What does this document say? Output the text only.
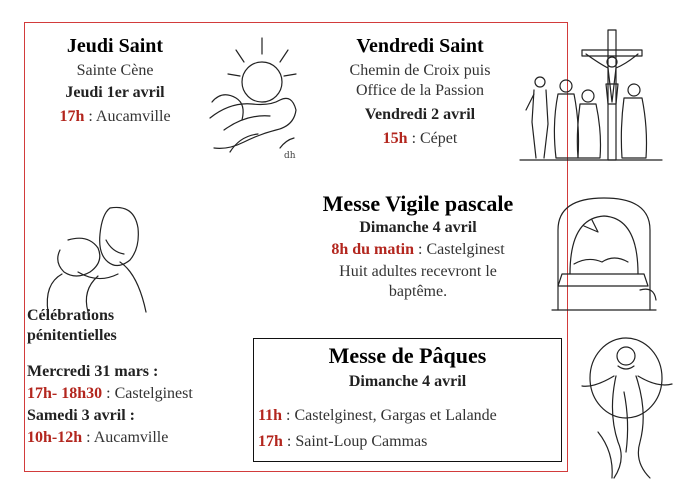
Jeudi Saint
Sainte Cène
Jeudi 1er avril
17h : Aucamville
dh
Vendredi Saint
Chemin de Croix puis
Office de la Passion
Vendredi 2 avril
15h : Cépet
Messe Vigile pascale
Dimanche 4 avril
8h du matin : Castelginest
Huit adultes recevront le
baptême.
Célébrations
pénitentielles
Mercredi 31 mars :
17h- 18h30 : Castelginest
Samedi 3 avril :
10h-12h : Aucamville
Messe de Pâques
Dimanche 4 avril
11h : Castelginest, Gargas et Lalande
17h : Saint-Loup Cammas
